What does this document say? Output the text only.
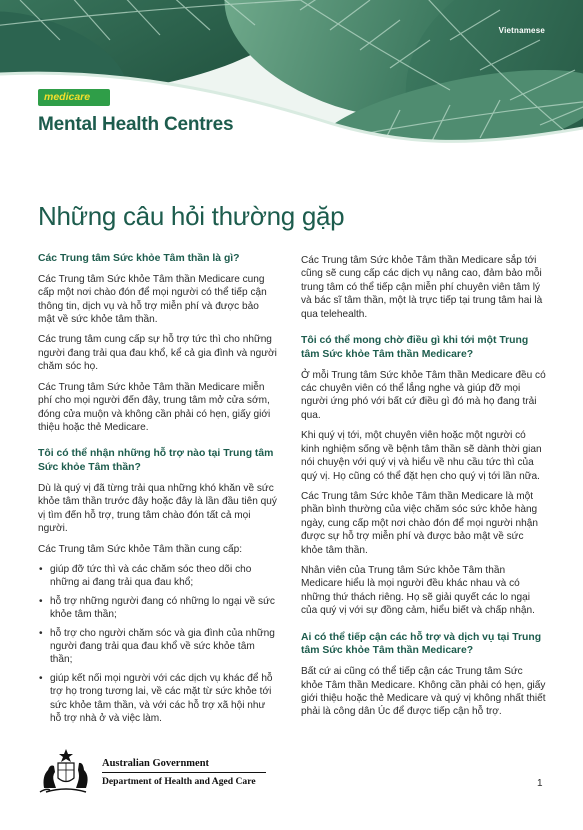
Vietnamese
medicare
Mental Health Centres
Những câu hỏi thường gặp
Các Trung tâm Sức khỏe Tâm thần là gì?

Các Trung tâm Sức khỏe Tâm thần Medicare cung cấp một nơi chào đón để mọi người có thể tiếp cận thông tin, dịch vụ và hỗ trợ miễn phí và được bảo mật về sức khỏe tâm thần.

Các trung tâm cung cấp sự hỗ trợ tức thì cho những người đang trải qua đau khổ, kể cả gia đình và người chăm sóc họ.

Các Trung tâm Sức khỏe Tâm thần Medicare miễn phí cho mọi người đến đây, trung tâm mở cửa sớm, đóng cửa muộn và không cần phải có hẹn, giấy giới thiệu hoặc thẻ Medicare.

Tôi có thể nhận những hỗ trợ nào tại Trung tâm Sức khỏe Tâm thần?

Dù là quý vị đã từng trải qua những khó khăn về sức khỏe tâm thần trước đây hoặc đây là lần đầu tiên quý vị tìm đến hỗ trợ, trung tâm chào đón tất cả mọi người.

Các Trung tâm Sức khỏe Tâm thần cung cấp:

• giúp đỡ tức thì và các chăm sóc theo dõi cho những ai đang trải qua đau khổ;
• hỗ trợ những người đang có những lo ngại về sức khỏe tâm thần;
• hỗ trợ cho người chăm sóc và gia đình của những người đang trải qua đau khổ về sức khỏe tâm thần;
• giúp kết nối mọi người với các dịch vụ khác để hỗ trợ họ trong tương lai, về các mặt từ sức khỏe tới sức khỏe tâm thần, và với các hỗ trợ xã hội như hỗ trợ nhà ở và việc làm.

Các Trung tâm Sức khỏe Tâm thần Medicare sắp tới cũng sẽ cung cấp các dịch vụ nâng cao, đảm bảo mỗi trung tâm có thể tiếp cận miễn phí chuyên viên tâm lý và bác sĩ tâm thần, một là trực tiếp tại trung tâm hai là qua telehealth.

Tôi có thể mong chờ điều gì khi tới một Trung tâm Sức khỏe Tâm thần Medicare?

Ở mỗi Trung tâm Sức khỏe Tâm thần Medicare đều có các chuyên viên có thể lắng nghe và giúp đỡ mọi người ứng phó với bất cứ điều gì đó mà họ đang trải qua.

Khi quý vị tới, một chuyên viên hoặc một người có kinh nghiệm sống về bệnh tâm thần sẽ dành thời gian nói chuyện với quý vị và hiểu về nhu cầu tức thì của quý vị. Họ cũng có thể đặt hẹn cho quý vị tới lần nữa.

Các Trung tâm Sức khỏe Tâm thần Medicare là một phần bình thường của việc chăm sóc sức khỏe hàng ngày, cung cấp một nơi chào đón để mọi người nhận được sự hỗ trợ miễn phí và được bảo mật về sức khỏe tâm thần.

Nhân viên của Trung tâm Sức khỏe Tâm thần Medicare hiểu là mọi người đều khác nhau và có những thứ thách riêng. Họ sẽ giải quyết các lo ngại của quý vị với sự đồng cảm, hiểu biết và chấp nhận.

Ai có thể tiếp cận các hỗ trợ và dịch vụ tại Trung tâm Sức khỏe Tâm thần Medicare?

Bất cứ ai cũng có thể tiếp cận các Trung tâm Sức khỏe Tâm thần Medicare. Không cần phải có hẹn, giấy giới thiệu hoặc thẻ Medicare và quý vị không nhất thiết phải là công dân Úc để được tiếp cận hỗ trợ.

Australian Government
Department of Health and Aged Care	1
